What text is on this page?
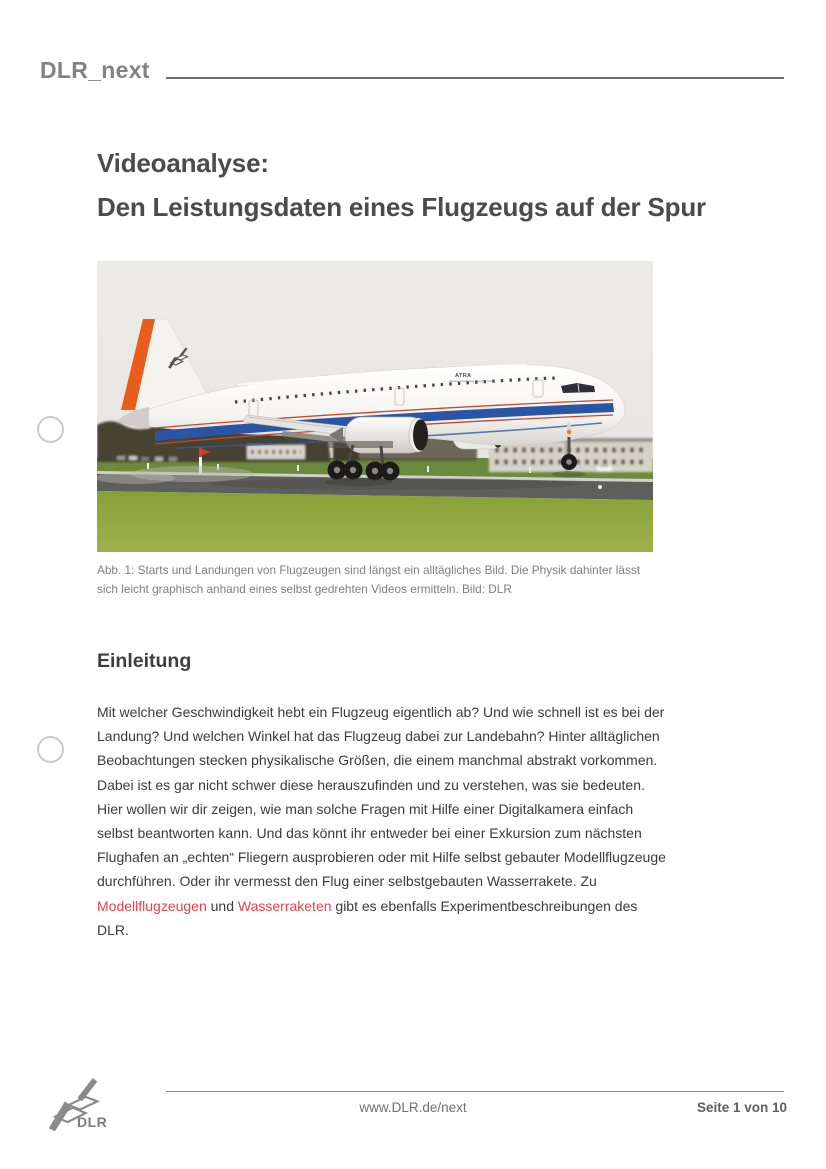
DLR_next
Videoanalyse:
Den Leistungsdaten eines Flugzeugs auf der Spur
ATRA
Advanced Technology Research Aircraft
Abb. 1: Starts und Landungen von Flugzeugen sind längst ein alltägliches Bild. Die Physik dahinter lässt sich leicht graphisch anhand eines selbst gedrehten Videos ermitteln. Bild: DLR
Einleitung

Mit welcher Geschwindigkeit hebt ein Flugzeug eigentlich ab? Und wie schnell ist es bei der Landung? Und welchen Winkel hat das Flugzeug dabei zur Landebahn? Hinter alltäglichen Beobachtungen stecken physikalische Größen, die einem manchmal abstrakt vorkommen. Dabei ist es gar nicht schwer diese herauszufinden und zu verstehen, was sie bedeuten. Hier wollen wir dir zeigen, wie man solche Fragen mit Hilfe einer Digitalkamera einfach selbst beantworten kann. Und das könnt ihr entweder bei einer Exkursion zum nächsten Flughafen an „echten“ Fliegern ausprobieren oder mit Hilfe selbst gebauter Modellflugzeuge durchführen. Oder ihr vermesst den Flug einer selbstgebauten Wasserrakete. Zu Modellflugzeugen und Wasserraketen gibt es ebenfalls Experimentbeschreibungen des DLR.

DLR
www.DLR.de/next	Seite 1 von 10
